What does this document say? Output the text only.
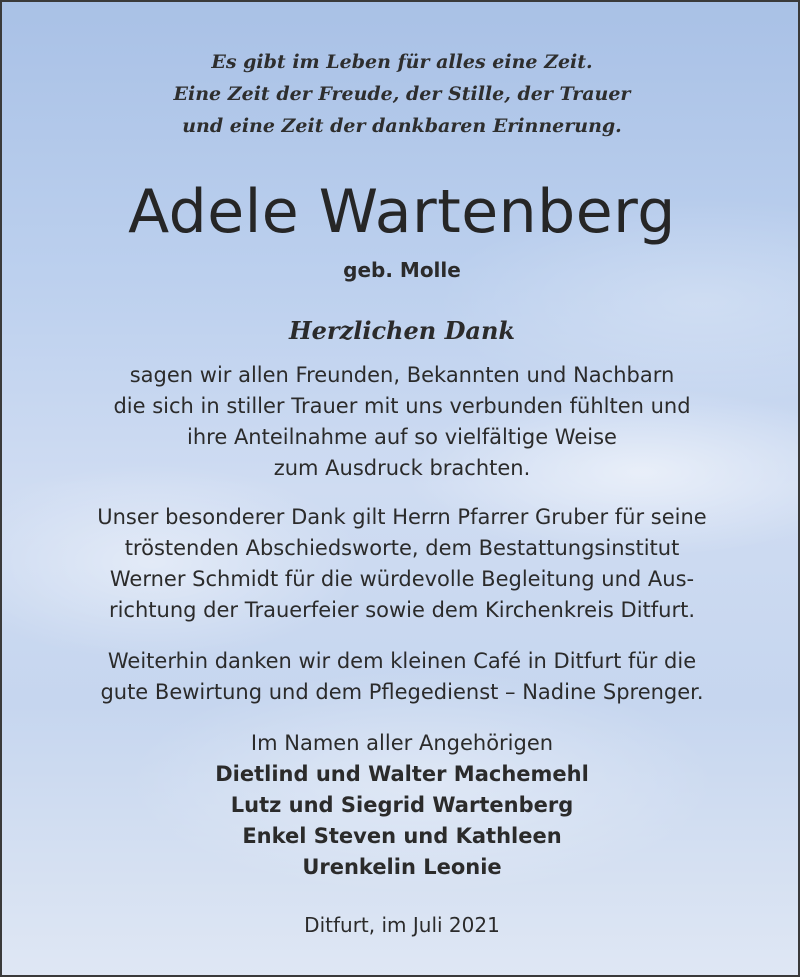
Es gibt im Leben für alles eine Zeit.
Eine Zeit der Freude, der Stille, der Trauer
und eine Zeit der dankbaren Erinnerung.
Adele Wartenberg
geb. Molle
Herzlichen Dank
sagen wir allen Freunden, Bekannten und Nachbarn
die sich in stiller Trauer mit uns verbunden fühlten und
ihre Anteilnahme auf so vielfältige Weise
zum Ausdruck brachten.
Unser besonderer Dank gilt Herrn Pfarrer Gruber für seine
tröstenden Abschiedsworte, dem Bestattungsinstitut
Werner Schmidt für die würdevolle Begleitung und Aus-
richtung der Trauerfeier sowie dem Kirchenkreis Ditfurt.
Weiterhin danken wir dem kleinen Café in Ditfurt für die
gute Bewirtung und dem Pflegedienst – Nadine Sprenger.
Im Namen aller Angehörigen
Dietlind und Walter Machemehl
Lutz und Siegrid Wartenberg
Enkel Steven und Kathleen
Urenkelin Leonie
Ditfurt, im Juli 2021
